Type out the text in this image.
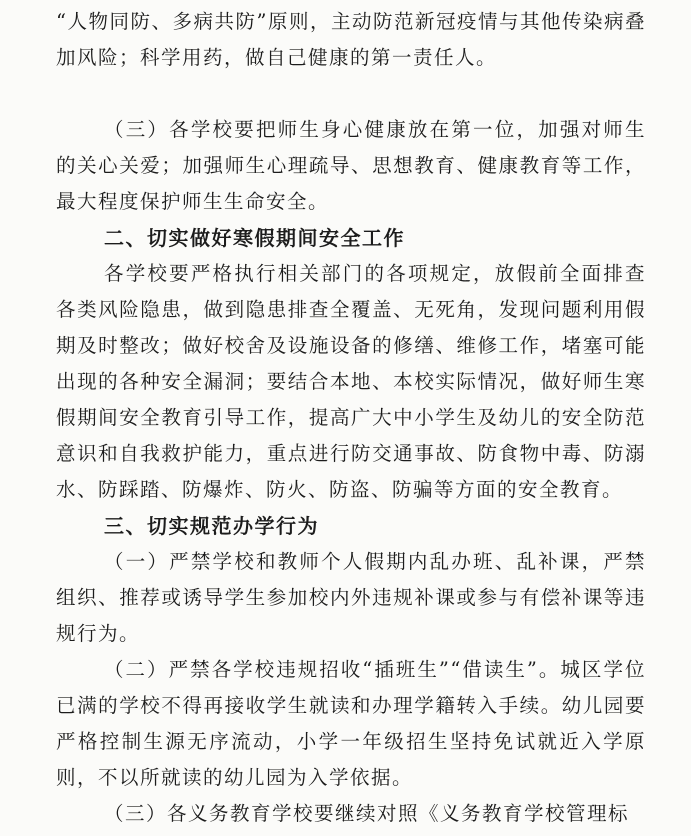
“人物同防、多病共防”原则，主动防范新冠疫情与其他传染病叠加风险；科学用药，做自己健康的第一责任人。

（三）各学校要把师生身心健康放在第一位，加强对师生的关心关爱；加强师生心理疏导、思想教育、健康教育等工作，最大程度保护师生生命安全。

二、切实做好寒假期间安全工作

各学校要严格执行相关部门的各项规定，放假前全面排查各类风险隐患，做到隐患排查全覆盖、无死角，发现问题利用假期及时整改；做好校舍及设施设备的修缮、维修工作，堵塞可能出现的各种安全漏洞；要结合本地、本校实际情况，做好师生寒假期间安全教育引导工作，提高广大中小学生及幼儿的安全防范意识和自我救护能力，重点进行防交通事故、防食物中毒、防溺水、防踩踏、防爆炸、防火、防盗、防骗等方面的安全教育。

三、切实规范办学行为

（一）严禁学校和教师个人假期内乱办班、乱补课，严禁组织、推荐或诱导学生参加校内外违规补课或参与有偿补课等违规行为。

（二）严禁各学校违规招收“插班生”“借读生”。城区学位已满的学校不得再接收学生就读和办理学籍转入手续。幼儿园要严格控制生源无序流动，小学一年级招生坚持免试就近入学原则，不以所就读的幼儿园为入学依据。

（三）各义务教育学校要继续对照《义务教育学校管理标
